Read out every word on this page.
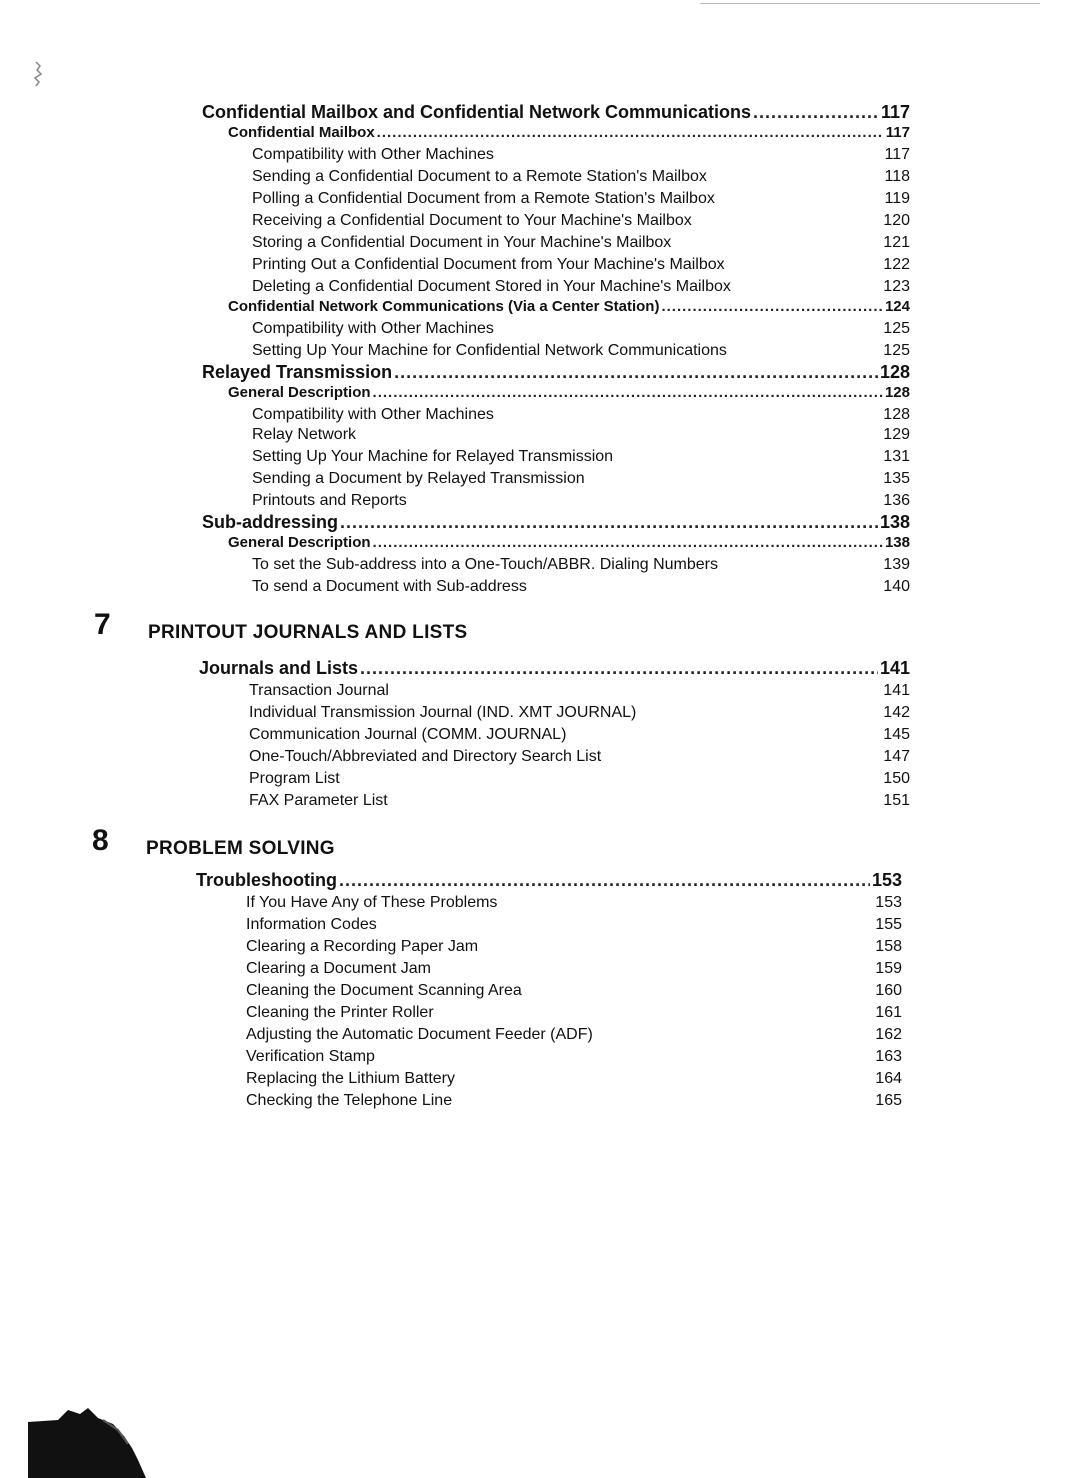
Confidential Mailbox and Confidential Network Communications .....	117
Confidential Mailbox .....	117
Compatibility with Other Machines	117
Sending a Confidential Document to a Remote Station's Mailbox	118
Polling a Confidential Document from a Remote Station's Mailbox	119
Receiving a Confidential Document to Your Machine's Mailbox	120
Storing a Confidential Document in Your Machine's Mailbox	121
Printing Out a Confidential Document from Your Machine's Mailbox	122
Deleting a Confidential Document Stored in Your Machine's Mailbox	123
Confidential Network Communications (Via a Center Station) .....	124
Compatibility with Other Machines	125
Setting Up Your Machine for Confidential Network Communications	125
Relayed Transmission .....	128
General Description .....	128
Compatibility with Other Machines	128
Relay Network	129
Setting Up Your Machine for Relayed Transmission	131
Sending a Document by Relayed Transmission	135
Printouts and Reports	136
Sub-addressing .....	138
General Description .....	138
To set the Sub-address into a One-Touch/ABBR. Dialing Numbers	139
To send a Document with Sub-address	140
7 PRINTOUT JOURNALS AND LISTS
Journals and Lists .....	141
Transaction Journal	141
Individual Transmission Journal (IND. XMT JOURNAL)	142
Communication Journal (COMM. JOURNAL)	145
One-Touch/Abbreviated and Directory Search List	147
Program List	150
FAX Parameter List	151
8 PROBLEM SOLVING
Troubleshooting .....	153
If You Have Any of These Problems	153
Information Codes	155
Clearing a Recording Paper Jam	158
Clearing a Document Jam	159
Cleaning the Document Scanning Area	160
Cleaning the Printer Roller	161
Adjusting the Automatic Document Feeder (ADF)	162
Verification Stamp	163
Replacing the Lithium Battery	164
Checking the Telephone Line	165
